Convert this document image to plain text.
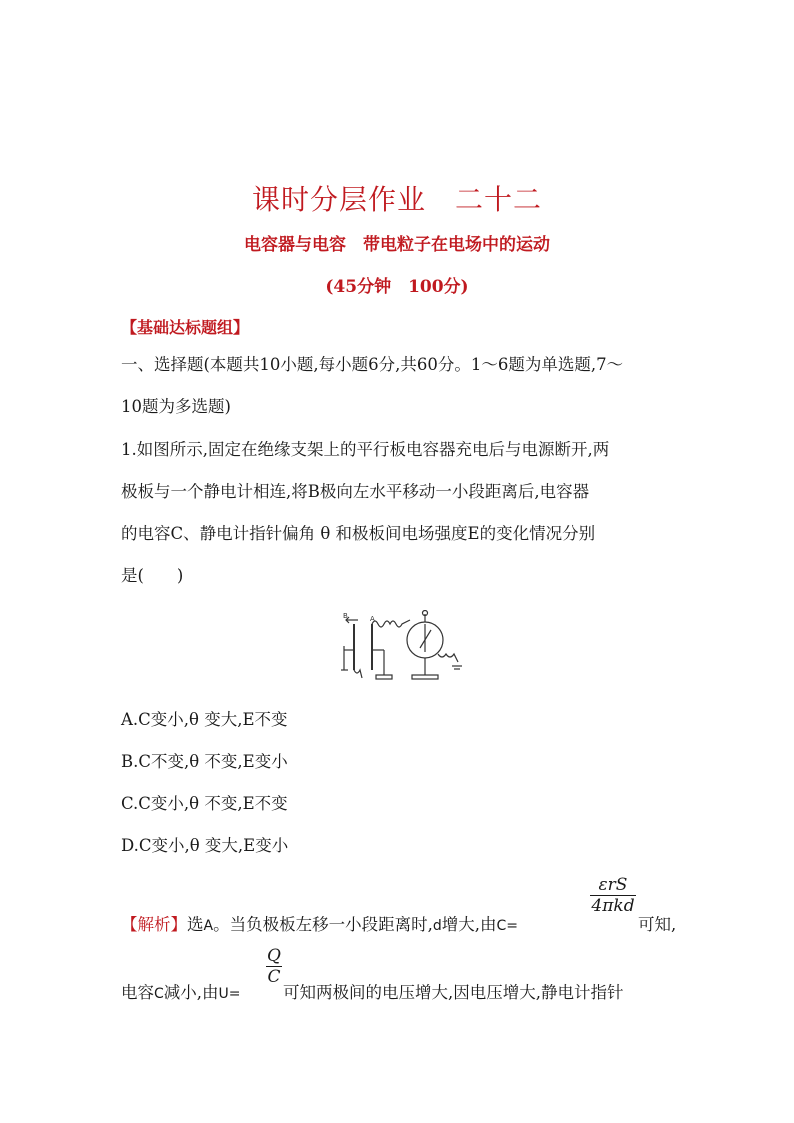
课时分层作业　二十二
电容器与电容　带电粒子在电场中的运动
(45分钟　100分)
【基础达标题组】
一、选择题(本题共10小题,每小题6分,共60分。1～6题为单选题,7～
10题为多选题)
1.如图所示,固定在绝缘支架上的平行板电容器充电后与电源断开,两
极板与一个静电计相连,将B极向左水平移动一小段距离后,电容器
的电容C、静电计指针偏角 θ 和极板间电场强度E的变化情况分别
是(　　)
B	A
A.C变小,θ 变大,E不变
B.C不变,θ 不变,E变小
C.C变小,θ 不变,E不变
D.C变小,θ 变大,E变小
【解析】选A。当负极板左移一小段距离时,d增大,由C=
εrS
4πkd
可知,
电容C减小,由U=
$\frac{Q}{C}$
可知两极间的电压增大,因电压增大,静电计指针
